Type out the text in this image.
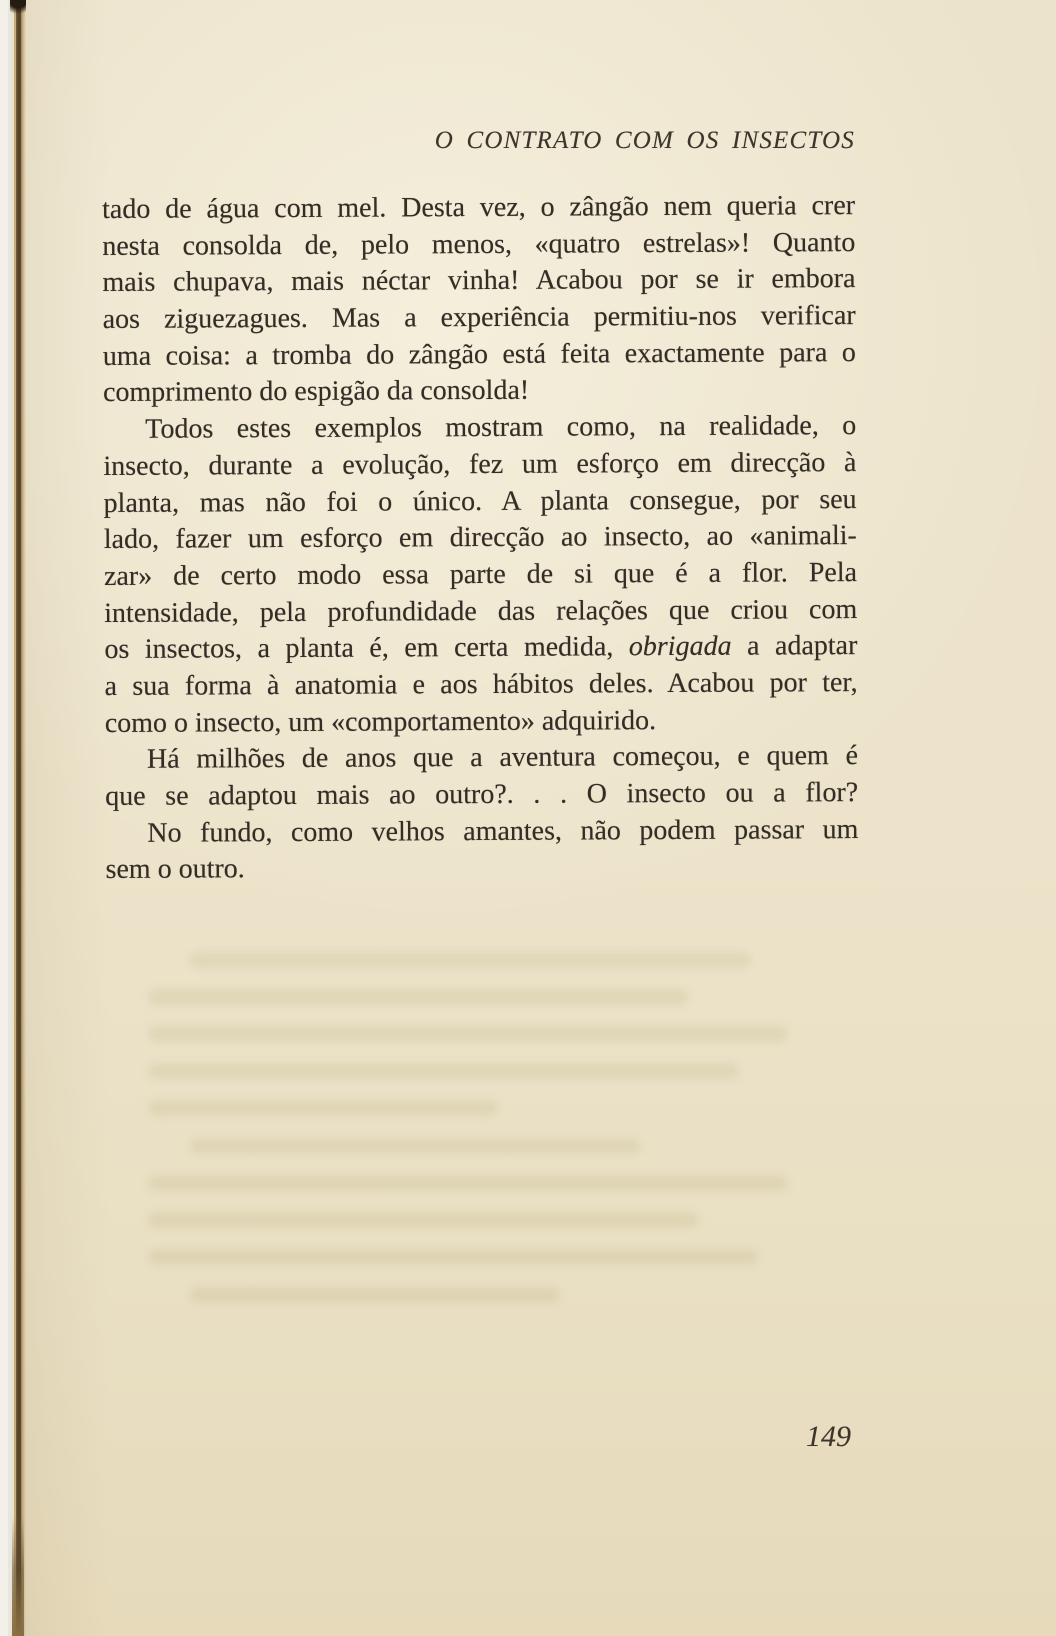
O CONTRATO COM OS INSECTOS
tado de água com mel. Desta vez, o zângão nem queria crer
nesta consolda de, pelo menos, «quatro estrelas»! Quanto
mais chupava, mais néctar vinha! Acabou por se ir embora
aos ziguezagues. Mas a experiência permitiu-nos verificar
uma coisa: a tromba do zângão está feita exactamente para o
comprimento do espigão da consolda!
Todos estes exemplos mostram como, na realidade, o
insecto, durante a evolução, fez um esforço em direcção à
planta, mas não foi o único. A planta consegue, por seu
lado, fazer um esforço em direcção ao insecto, ao «animali-
zar» de certo modo essa parte de si que é a flor. Pela
intensidade, pela profundidade das relações que criou com
os insectos, a planta é, em certa medida, obrigada a adaptar
a sua forma à anatomia e aos hábitos deles. Acabou por ter,
como o insecto, um «comportamento» adquirido.
Há milhões de anos que a aventura começou, e quem é
que se adaptou mais ao outro?. . . O insecto ou a flor?
No fundo, como velhos amantes, não podem passar um
sem o outro.
149
